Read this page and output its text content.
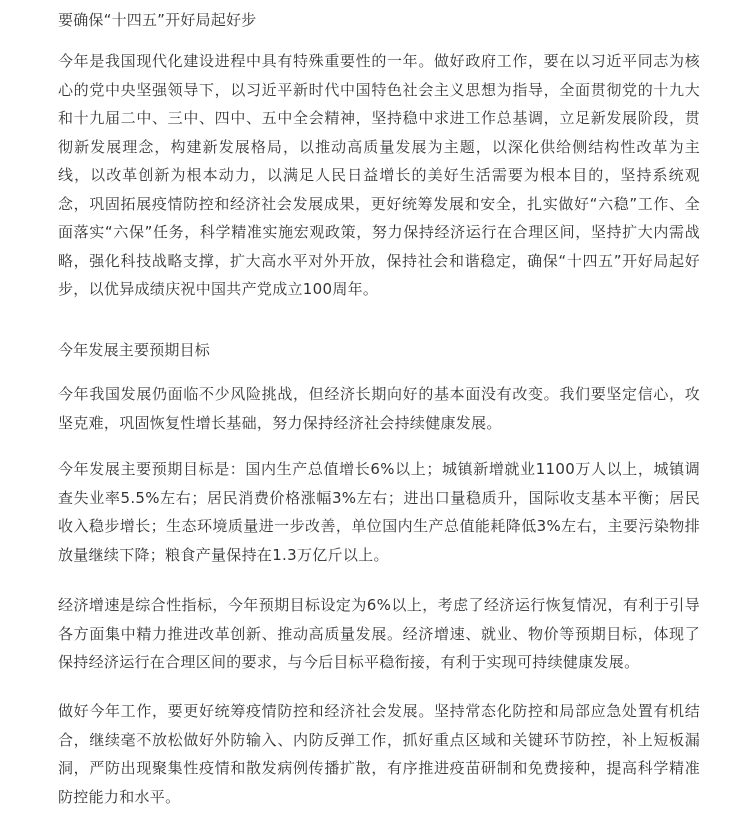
要确保“十四五”开好局起好步

今年是我国现代化建设进程中具有特殊重要性的一年。做好政府工作，要在以习近平同志为核心的党中央坚强领导下，以习近平新时代中国特色社会主义思想为指导，全面贯彻党的十九大和十九届二中、三中、四中、五中全会精神，坚持稳中求进工作总基调，立足新发展阶段，贯彻新发展理念，构建新发展格局，以推动高质量发展为主题，以深化供给侧结构性改革为主线，以改革创新为根本动力，以满足人民日益增长的美好生活需要为根本目的，坚持系统观念，巩固拓展疫情防控和经济社会发展成果，更好统筹发展和安全，扎实做好“六稳”工作、全面落实“六保”任务，科学精准实施宏观政策，努力保持经济运行在合理区间，坚持扩大内需战略，强化科技战略支撑，扩大高水平对外开放，保持社会和谐稳定，确保“十四五”开好局起好步，以优异成绩庆祝中国共产党成立100周年。

今年发展主要预期目标

今年我国发展仍面临不少风险挑战，但经济长期向好的基本面没有改变。我们要坚定信心，攻坚克难，巩固恢复性增长基础，努力保持经济社会持续健康发展。

今年发展主要预期目标是：国内生产总值增长6%以上；城镇新增就业1100万人以上，城镇调查失业率5.5%左右；居民消费价格涨幅3%左右；进出口量稳质升，国际收支基本平衡；居民收入稳步增长；生态环境质量进一步改善，单位国内生产总值能耗降低3%左右，主要污染物排放量继续下降；粮食产量保持在1.3万亿斤以上。

经济增速是综合性指标，今年预期目标设定为6%以上，考虑了经济运行恢复情况，有利于引导各方面集中精力推进改革创新、推动高质量发展。经济增速、就业、物价等预期目标，体现了保持经济运行在合理区间的要求，与今后目标平稳衔接，有利于实现可持续健康发展。

做好今年工作，要更好统筹疫情防控和经济社会发展。坚持常态化防控和局部应急处置有机结合，继续毫不放松做好外防输入、内防反弹工作，抓好重点区域和关键环节防控，补上短板漏洞，严防出现聚集性疫情和散发病例传播扩散，有序推进疫苗研制和免费接种，提高科学精准防控能力和水平。
